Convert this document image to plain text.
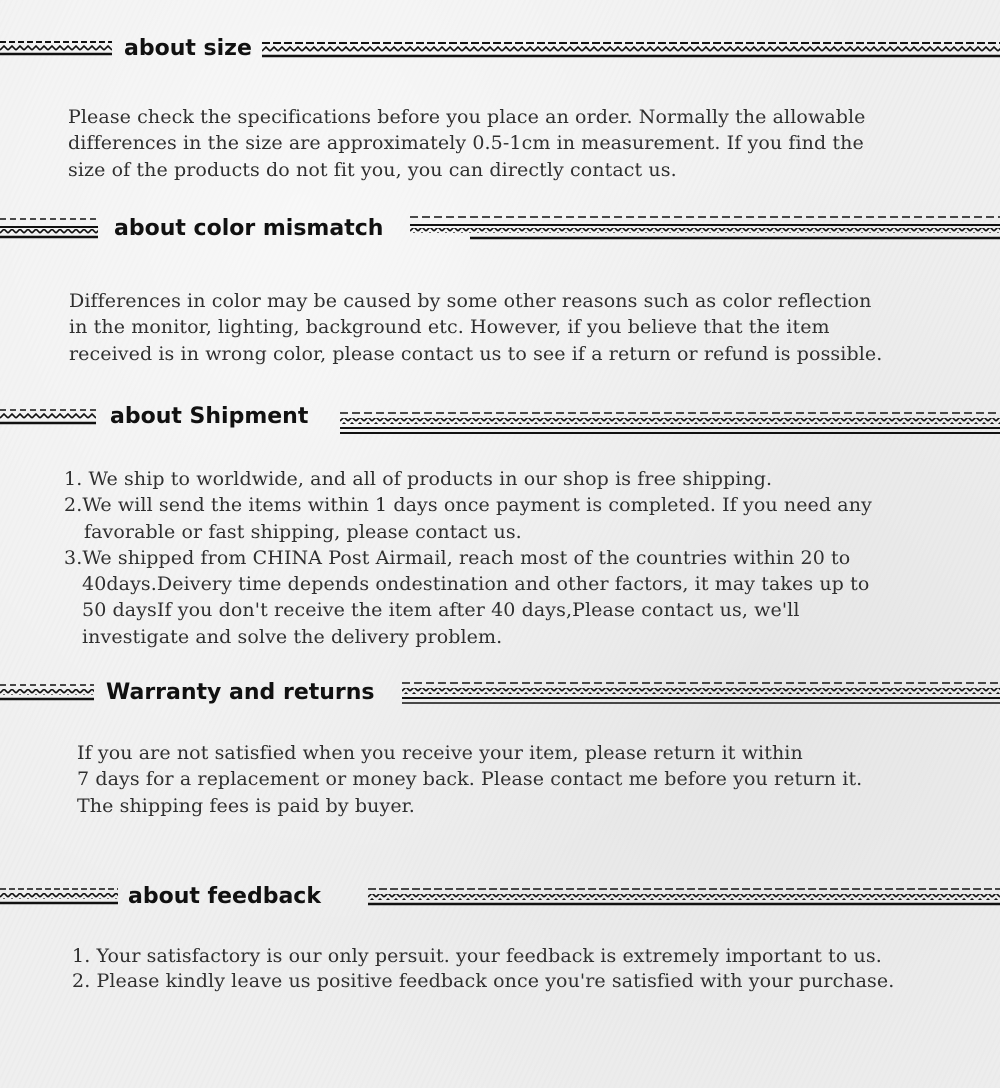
about size

Please check the specifications before you place an order. Normally the allowable

differences in the size are approximately 0.5-1cm in measurement. If you find the

size of the products do not fit you, you can directly contact us.

about color mismatch

Differences in color may be caused by some other reasons such as color reflection

in the monitor, lighting, background etc. However, if you believe that the item

received is in wrong color, please contact us to see if a return or refund is possible.

about Shipment

1. We ship to worldwide, and all of products in our shop is free shipping.

2.We will send the items within 1 days once payment is completed. If you need any

favorable or fast shipping, please contact us.

3.We shipped from CHINA Post Airmail, reach most of the countries within 20 to

40days.Deivery time depends ondestination and other factors, it may takes up to

50 daysIf you don't receive the item after 40 days,Please contact us, we'll

investigate and solve the delivery problem.

Warranty and returns

If you are not satisfied when you receive your item, please return it within

7 days for a replacement or money back. Please contact me before you return it.

The shipping fees is paid by buyer.

about feedback

1. Your satisfactory is our only persuit. your feedback is extremely important to us.

2. Please kindly leave us positive feedback once you're satisfied with your purchase.
